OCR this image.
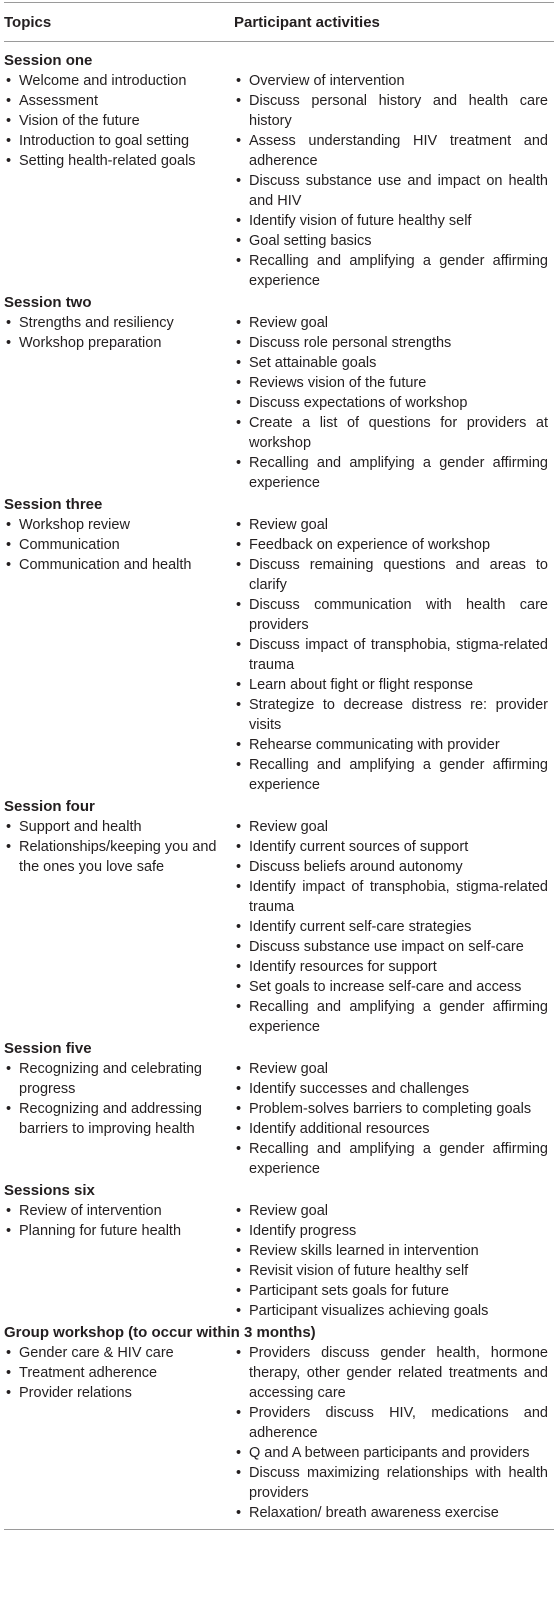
Topics	Participant activities
Session one
• Welcome and introduction
• Assessment
• Vision of the future
• Introduction to goal setting
• Setting health-related goals
• Overview of intervention
• Discuss personal history and health care history
• Assess understanding HIV treatment and adherence
• Discuss substance use and impact on health and HIV
• Identify vision of future healthy self
• Goal setting basics
• Recalling and amplifying a gender affirming experience
Session two
• Strengths and resiliency
• Workshop preparation
• Review goal
• Discuss role personal strengths
• Set attainable goals
• Reviews vision of the future
• Discuss expectations of workshop
• Create a list of questions for providers at workshop
• Recalling and amplifying a gender affirming experience
Session three
• Workshop review
• Communication
• Communication and health
• Review goal
• Feedback on experience of workshop
• Discuss remaining questions and areas to clarify
• Discuss communication with health care providers
• Discuss impact of transphobia, stigma-related trauma
• Learn about fight or flight response
• Strategize to decrease distress re: provider visits
• Rehearse communicating with provider
• Recalling and amplifying a gender affirming experience
Session four
• Support and health
• Relationships/keeping you and the ones you love safe
• Review goal
• Identify current sources of support
• Discuss beliefs around autonomy
• Identify impact of transphobia, stigma-related trauma
• Identify current self-care strategies
• Discuss substance use impact on self-care
• Identify resources for support
• Set goals to increase self-care and access
• Recalling and amplifying a gender affirming experience
Session five
• Recognizing and celebrating progress
• Recognizing and addressing barriers to improving health
• Review goal
• Identify successes and challenges
• Problem-solves barriers to completing goals
• Identify additional resources
• Recalling and amplifying a gender affirming experience
Sessions six
• Review of intervention
• Planning for future health
• Review goal
• Identify progress
• Review skills learned in intervention
• Revisit vision of future healthy self
• Participant sets goals for future
• Participant visualizes achieving goals
Group workshop (to occur within 3 months)
• Gender care & HIV care
• Treatment adherence
• Provider relations
• Providers discuss gender health, hormone therapy, other gender related treatments and accessing care
• Providers discuss HIV, medications and adherence
• Q and A between participants and providers
• Discuss maximizing relationships with health providers
• Relaxation/ breath awareness exercise
